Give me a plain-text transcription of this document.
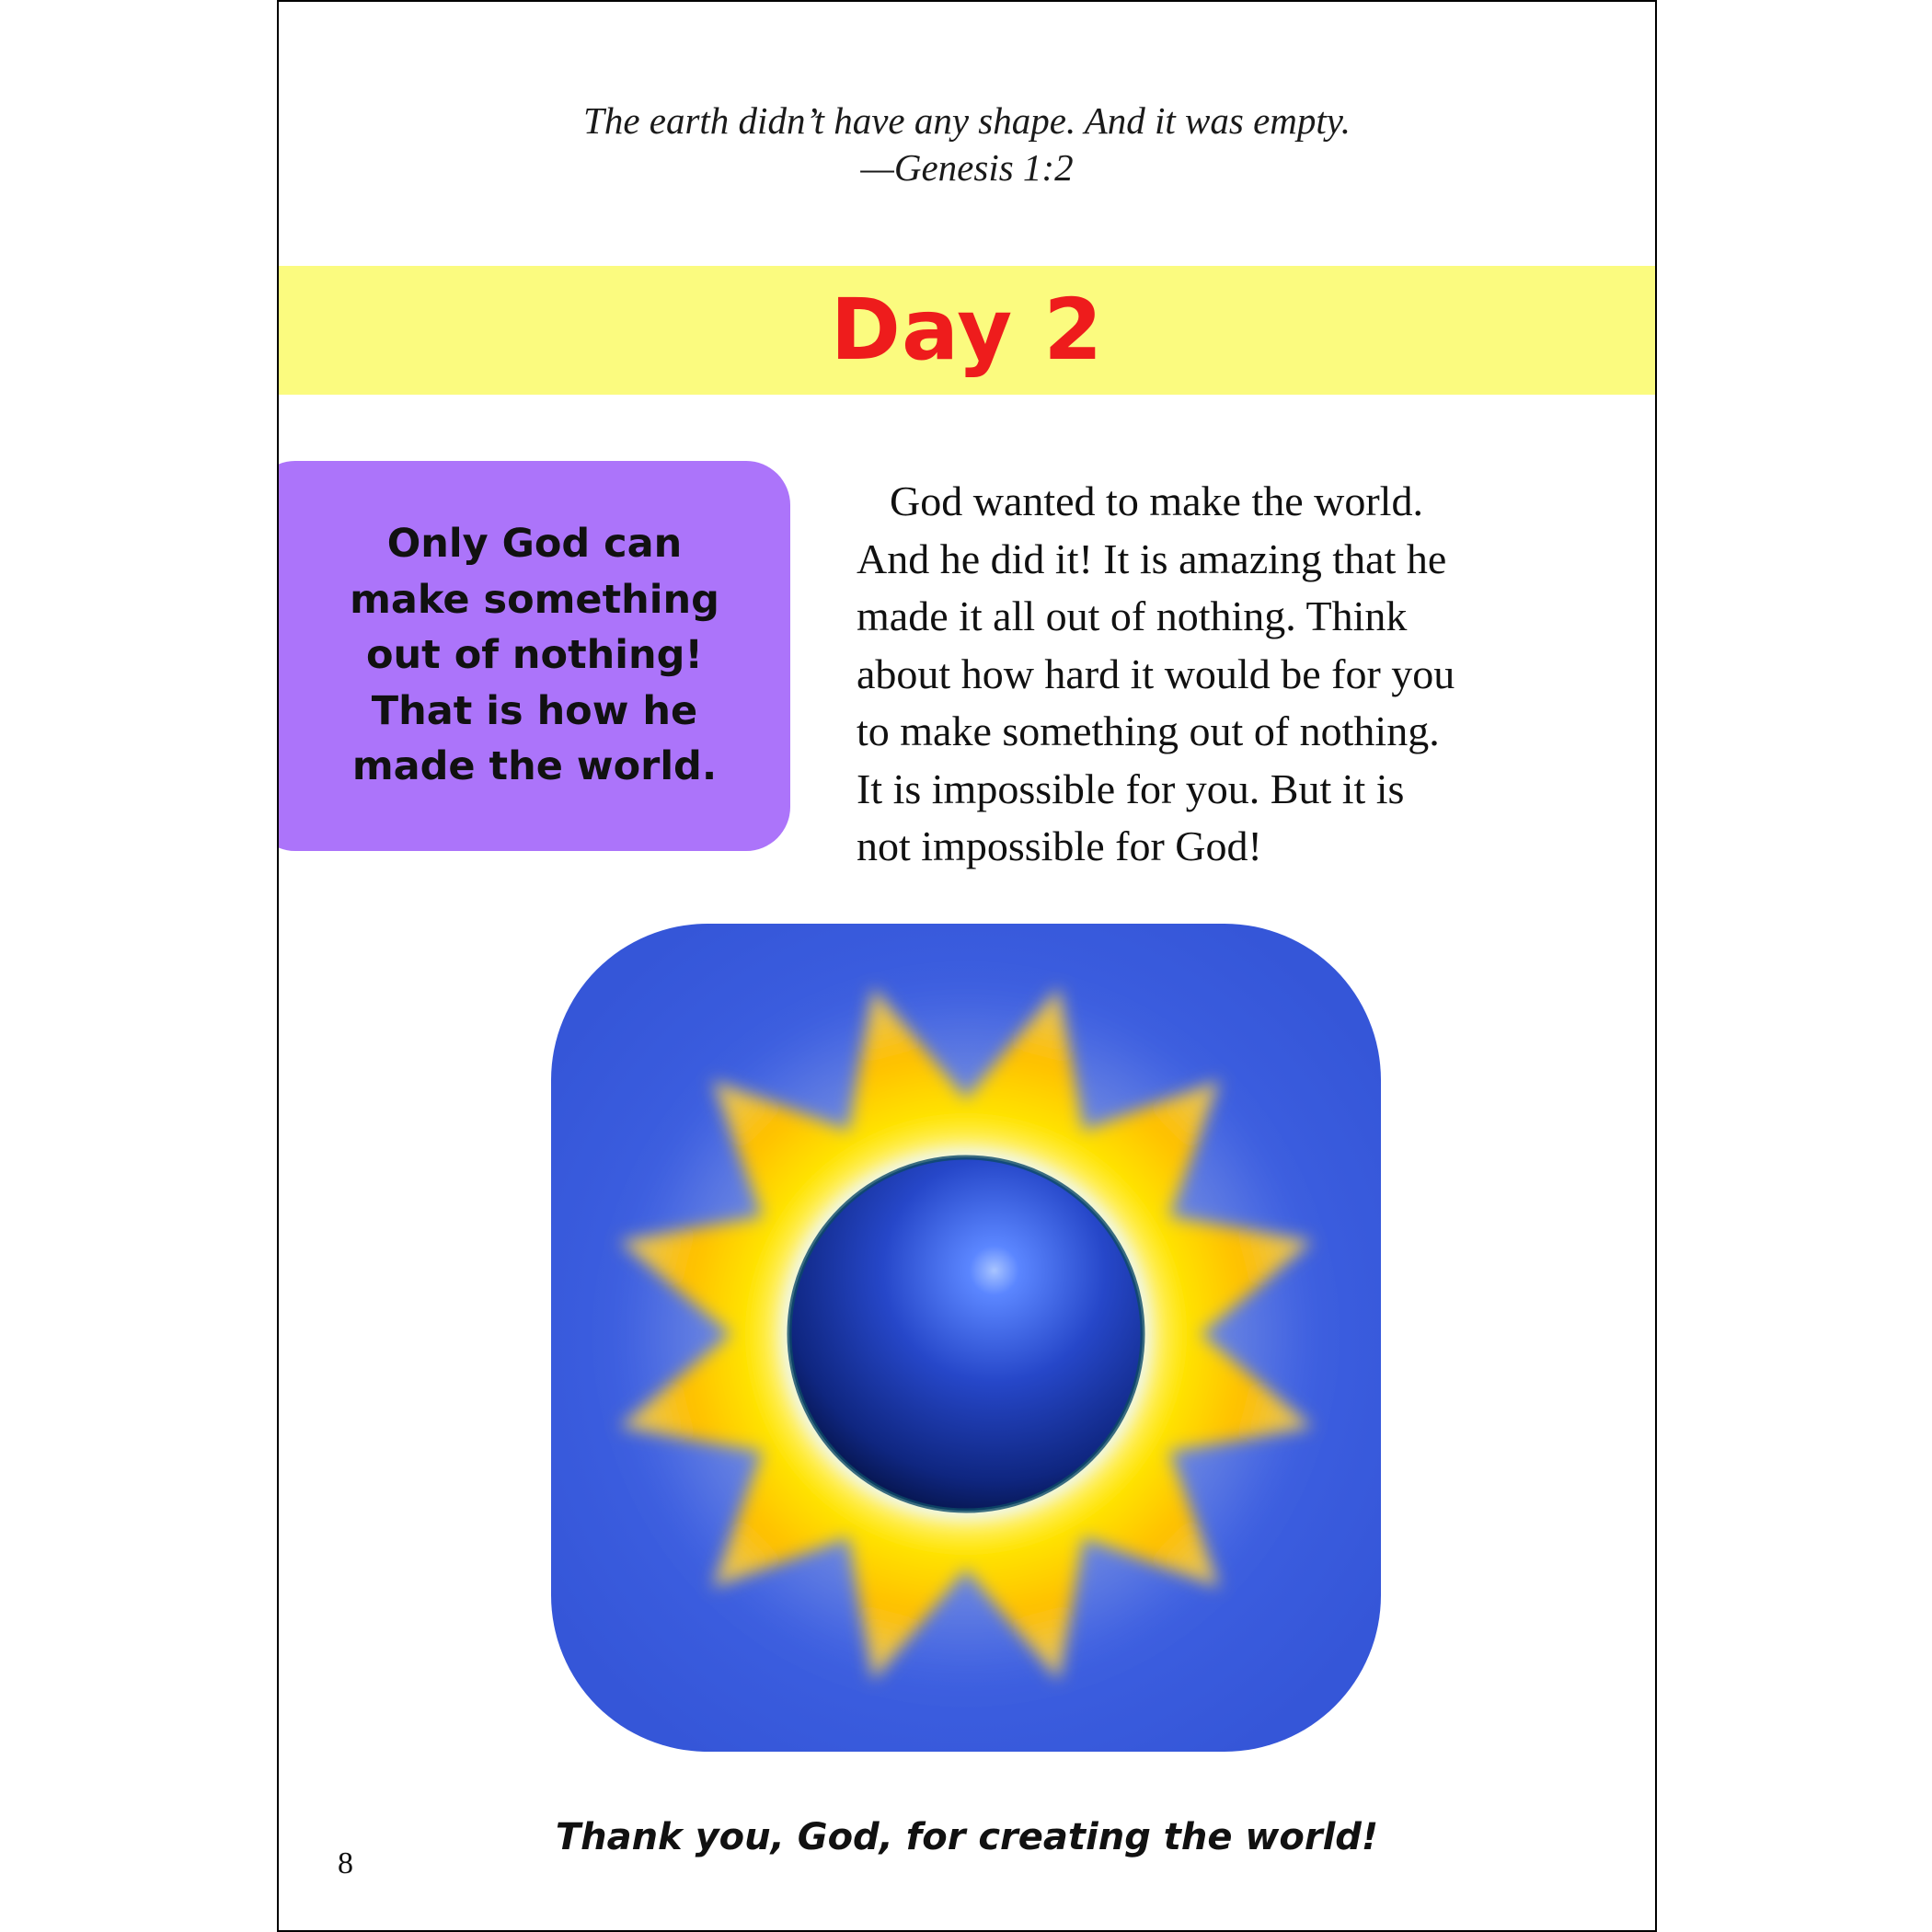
The earth didn’t have any shape. And it was empty.
—Genesis 1:2
Day 2
Only God can
make something
out of nothing!
That is how he
made the world.
God wanted to make the world.
And he did it! It is amazing that he
made it all out of nothing. Think
about how hard it would be for you
to make something out of nothing.
It is impossible for you. But it is
not impossible for God!
Thank you, God, for creating the world!
8
